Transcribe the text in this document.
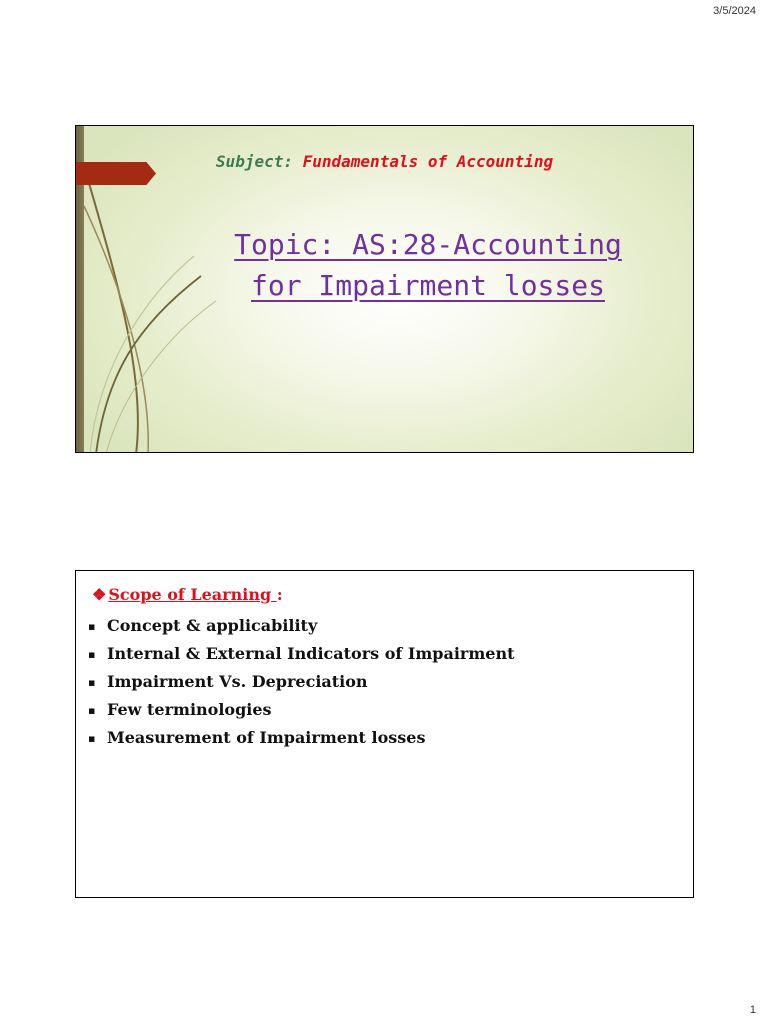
3/5/2024
Subject: Fundamentals of Accounting
Topic: AS:28-Accounting
for Impairment losses
❖ Scope of Learning :
▪ Concept & applicability
▪ Internal & External Indicators of Impairment
▪ Impairment Vs. Depreciation
▪ Few terminologies
▪ Measurement of Impairment losses
1
